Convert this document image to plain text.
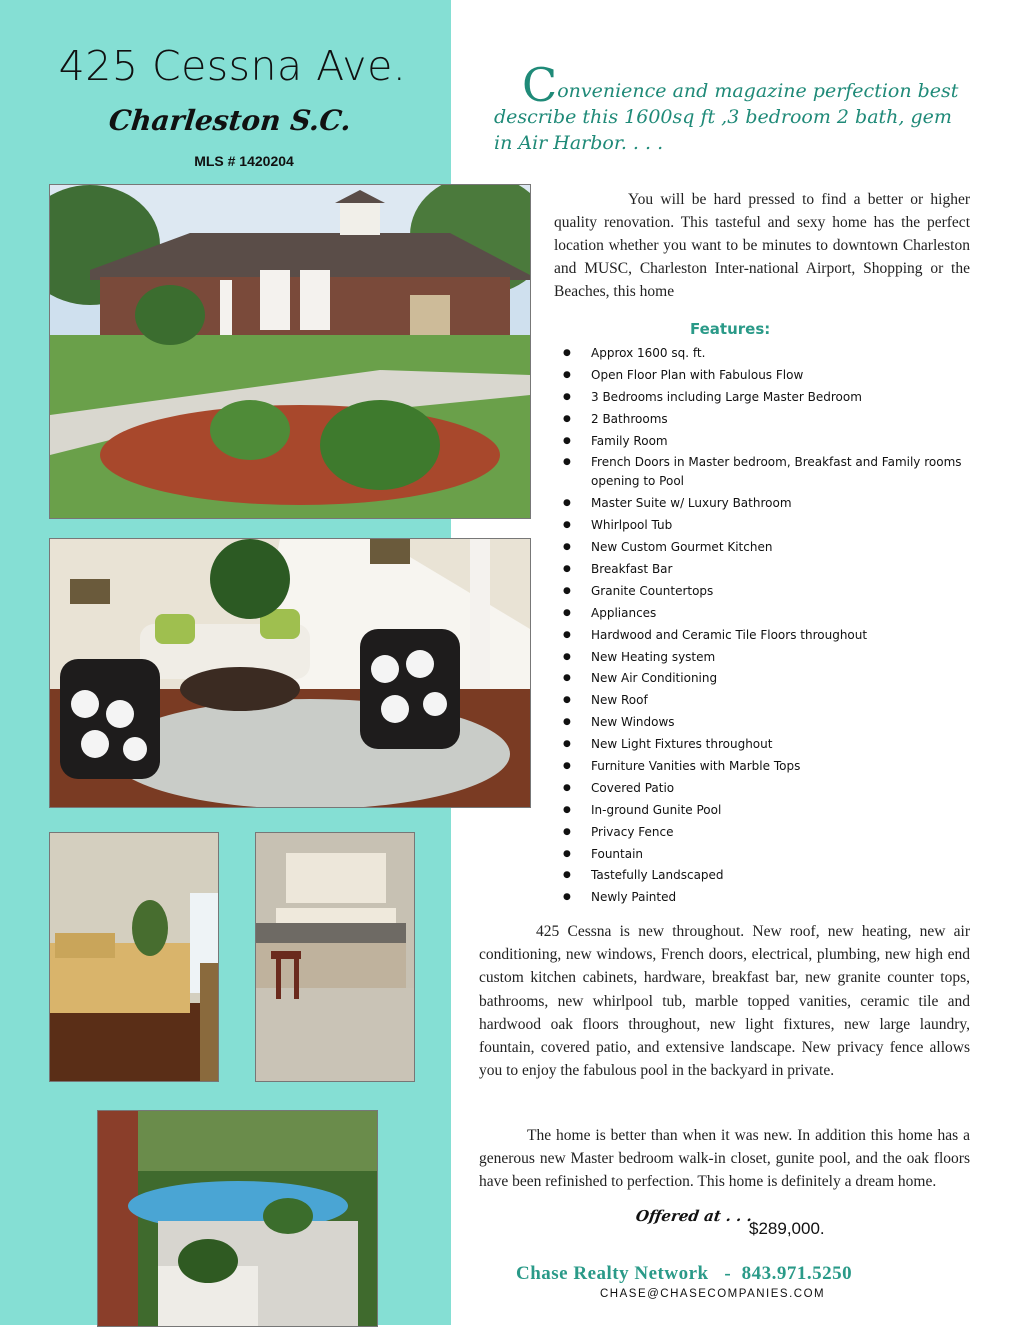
425 Cessna Ave.
Charleston S.C.
MLS # 1420204
Convenience and magazine perfection best describe this 1600sq ft ,3 bedroom 2 bath, gem in Air Harbor. . . .
You will be hard pressed to find a better or higher quality renovation. This tasteful and sexy home has the perfect location whether you want to be minutes to downtown Charleston and MUSC, Charleston Inter-national Airport, Shopping or the Beaches, this home
Features:
● Approx 1600 sq. ft.
● Open Floor Plan with Fabulous Flow
● 3 Bedrooms including Large Master Bedroom
● 2 Bathrooms
● Family Room
● French Doors in Master bedroom, Breakfast and Family rooms opening to Pool
● Master Suite w/ Luxury Bathroom
● Whirlpool Tub
● New Custom Gourmet Kitchen
● Breakfast Bar
● Granite Countertops
● Appliances
● Hardwood and Ceramic Tile Floors throughout
● New Heating system
● New Air Conditioning
● New Roof
● New Windows
● New Light Fixtures throughout
● Furniture Vanities with Marble Tops
● Covered Patio
● In-ground Gunite Pool
● Privacy Fence
● Fountain
● Tastefully Landscaped
● Newly Painted
425 Cessna is new throughout. New roof, new heating, new air conditioning, new windows, French doors, electrical, plumbing, new high end custom kitchen cabinets, hardware, breakfast bar, new granite counter tops, bathrooms, new whirlpool tub, marble topped vanities, ceramic tile and hardwood oak floors throughout, new light fixtures, new large laundry, fountain, covered patio, and extensive landscape. New privacy fence allows you to enjoy the fabulous pool in the backyard in private.
The home is better than when it was new. In addition this home has a generous new Master bedroom walk-in closet, gunite pool, and the oak floors have been refinished to perfection. This home is definitely a dream home.
Offered at . . .
$289,000.
Chase Realty Network   -  843.971.5250
CHASE@CHASECOMPANIES.COM
